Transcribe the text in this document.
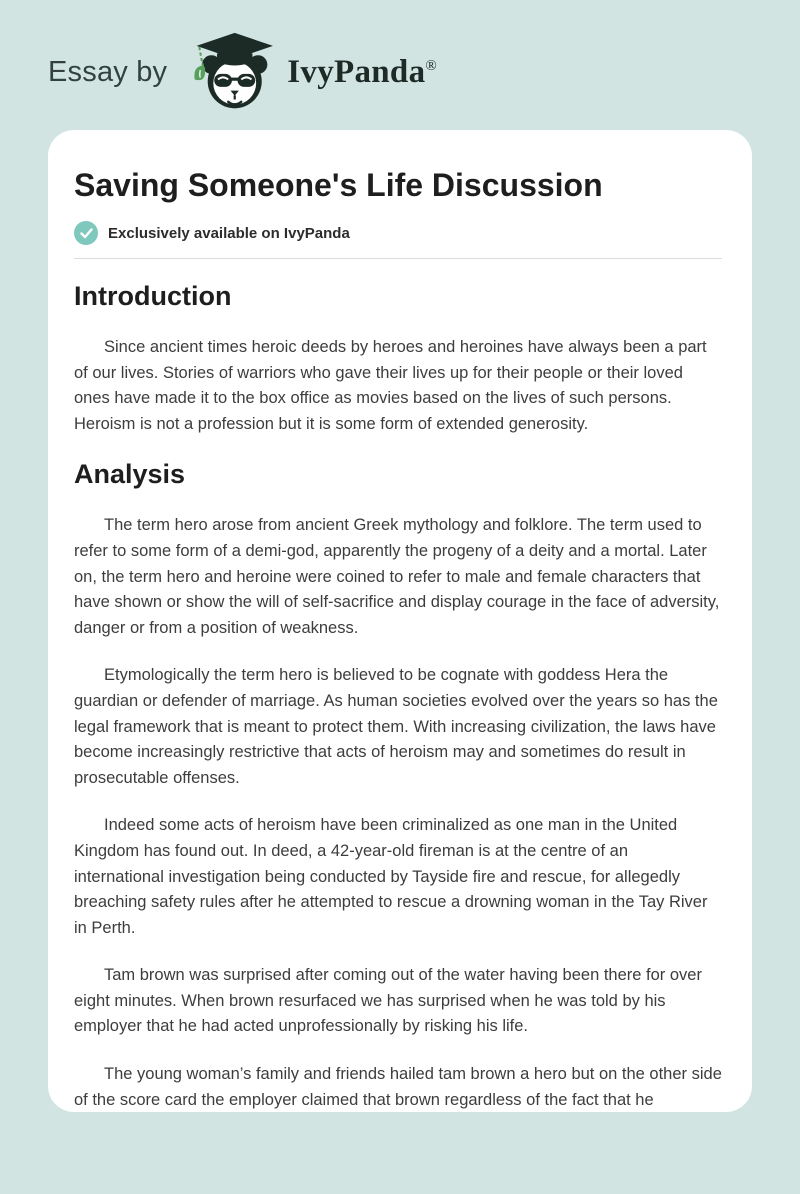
Essay by	IvyPanda®
Saving Someone's Life Discussion
Exclusively available on IvyPanda
Introduction

Since ancient times heroic deeds by heroes and heroines have always been a part of our lives. Stories of warriors who gave their lives up for their people or their loved ones have made it to the box office as movies based on the lives of such persons. Heroism is not a profession but it is some form of extended generosity.

Analysis

The term hero arose from ancient Greek mythology and folklore. The term used to refer to some form of a demi-god, apparently the progeny of a deity and a mortal. Later on, the term hero and heroine were coined to refer to male and female characters that have shown or show the will of self-sacrifice and display courage in the face of adversity, danger or from a position of weakness.

Etymologically the term hero is believed to be cognate with goddess Hera the guardian or defender of marriage. As human societies evolved over the years so has the legal framework that is meant to protect them. With increasing civilization, the laws have become increasingly restrictive that acts of heroism may and sometimes do result in prosecutable offenses.

Indeed some acts of heroism have been criminalized as one man in the United Kingdom has found out. In deed, a 42-year-old fireman is at the centre of an international investigation being conducted by Tayside fire and rescue, for allegedly breaching safety rules after he attempted to rescue a drowning woman in the Tay River in Perth.

Tam brown was surprised after coming out of the water having been there for over eight minutes. When brown resurfaced we has surprised when he was told by his employer that he had acted unprofessionally by risking his life.

The young woman’s family and friends hailed tam brown a hero but on the other side of the score card the employer claimed that brown regardless of the fact that he
